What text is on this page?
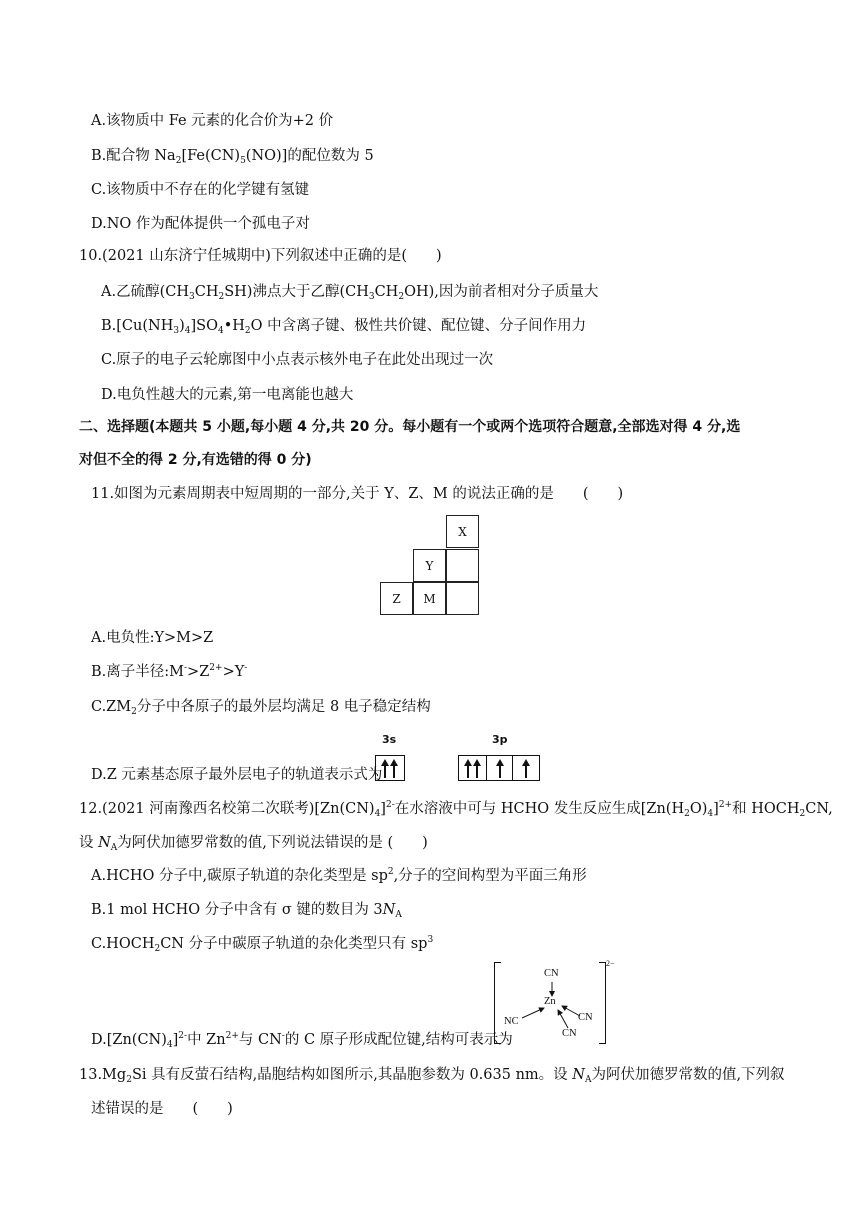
A.该物质中 Fe 元素的化合价为+2 价
B.配合物 $Na_2[Fe(CN)_5(NO)]$的配位数为 5
C.该物质中不存在的化学键有氢键
D.NO 作为配体提供一个孤电子对
10.(2021 山东济宁任城期中)下列叙述中正确的是(　　)
A.乙硫醇$(CH_3CH_2SH)$沸点大于乙醇$(CH_3CH_2OH)$,因为前者相对分子质量大
$B.[Cu(NH_3)_4]SO_4•H_2O$ 中含离子键、极性共价键、配位键、分子间作用力
C.原子的电子云轮廓图中小点表示核外电子在此处出现过一次
D.电负性越大的元素,第一电离能也越大
二、选择题(本题共 5 小题,每小题 4 分,共 20 分。每小题有一个或两个选项符合题意,全部选对得 4 分,选
对但不全的得 2 分,有选错的得 0 分)
11.如图为元素周期表中短周期的一部分,关于 Y、Z、M 的说法正确的是　　(　　)
X
Y
Z	M
A.电负性:Y>M>Z
B.离子半径$:M^->Z^{2+}>Y^-$
$C.ZM_2$分子中各原子的最外层均满足 8 电子稳定结构
D.Z 元素基态原子最外层电子的轨道表示式为
3s	3p
12.(2021 河南豫西名校第二次联考)$[Zn(CN)_4]^{2-}$在水溶液中可与 HCHO 发生反应生成$[Zn(H_2O)_4]^{2+}$和 $HOCH_2CN$,
设 $N_A$为阿伏加德罗常数的值,下列说法错误的是 (　　)
A.HCHO 分子中,碳原子轨道的杂化类型是 $sp^2$,分子的空间构型为平面三角形
B.1 mol HCHO 分子中含有 σ 键的数目为 $3N_A$
$C.HOCH_2CN$ 分子中碳原子轨道的杂化类型只有 $sp^3$
$D.[Zn(CN)_4]^{2-}$中 $Zn^{2+}$与 CN-的 C 原子形成配位键,结构可表示为
2−
CN
Zn
NC	CN
CN
$13.Mg_2Si$ 具有反萤石结构,晶胞结构如图所示,其晶胞参数为 0.635 nm。设 $N_A$为阿伏加德罗常数的值,下列叙
述错误的是　　(　　)
